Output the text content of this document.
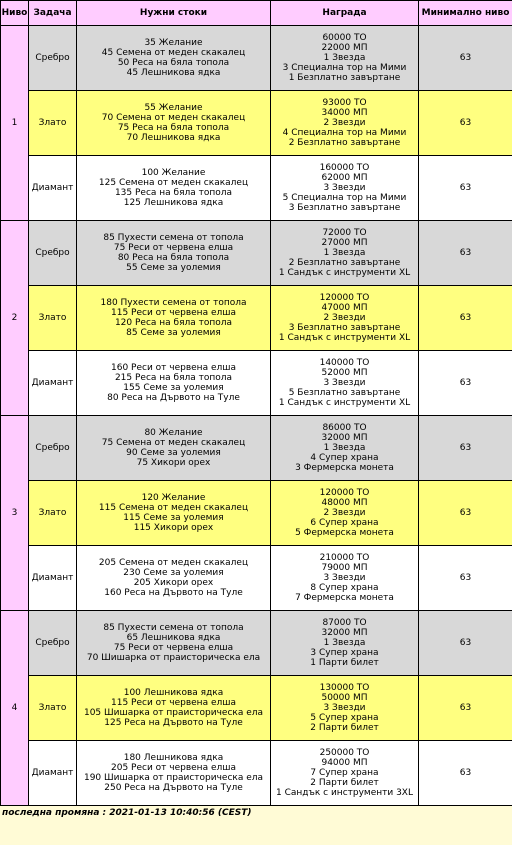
Ниво	Задача	Нужни стоки	Награда	Минимално ниво
1	Сребро	35 Желание
45 Семена от меден скакалец
50 Реса на бяла топола
45 Лешникова ядка	60000 ТО
22000 МП
1 Звезда
3 Специална тор на Мими
1 Безплатно завъртане	63
	Злато	55 Желание
70 Семена от меден скакалец
75 Реса на бяла топола
70 Лешникова ядка	93000 ТО
34000 МП
2 Звезди
4 Специална тор на Мими
2 Безплатно завъртане	63
	Диамант	100 Желание
125 Семена от меден скакалец
135 Реса на бяла топола
125 Лешникова ядка	160000 ТО
62000 МП
3 Звезди
5 Специална тор на Мими
3 Безплатно завъртане	63
2	Сребро	85 Пухести семена от топола
75 Реси от червена елша
80 Реса на бяла топола
55 Семе за уолемия	72000 ТО
27000 МП
1 Звезда
2 Безплатно завъртане
1 Сандък с инструменти XL	63
	Злато	180 Пухести семена от топола
115 Реси от червена елша
120 Реса на бяла топола
85 Семе за уолемия	120000 ТО
47000 МП
2 Звезди
3 Безплатно завъртане
1 Сандък с инструменти XL	63
	Диамант	160 Реси от червена елша
215 Реса на бяла топола
155 Семе за уолемия
80 Реса на Дървото на Туле	140000 ТО
52000 МП
3 Звезди
5 Безплатно завъртане
1 Сандък с инструменти XL	63
3	Сребро	80 Желание
75 Семена от меден скакалец
90 Семе за уолемия
75 Хикори орех	86000 ТО
32000 МП
1 Звезда
4 Супер храна
3 Фермерска монета	63
	Злато	120 Желание
115 Семена от меден скакалец
115 Семе за уолемия
115 Хикори орех	120000 ТО
48000 МП
2 Звезди
6 Супер храна
5 Фермерска монета	63
	Диамант	205 Семена от меден скакалец
230 Семе за уолемия
205 Хикори орех
160 Реса на Дървото на Туле	210000 ТО
79000 МП
3 Звезди
8 Супер храна
7 Фермерска монета	63
4	Сребро	85 Пухести семена от топола
65 Лешникова ядка
75 Реси от червена елша
70 Шишарка от праисторическа ела	87000 ТО
32000 МП
1 Звезда
3 Супер храна
1 Парти билет	63
	Злато	100 Лешникова ядка
115 Реси от червена елша
105 Шишарка от праисторическа ела
125 Реса на Дървото на Туле	130000 ТО
50000 МП
3 Звезди
5 Супер храна
2 Парти билет	63
	Диамант	180 Лешникова ядка
205 Реси от червена елша
190 Шишарка от праисторическа ела
250 Реса на Дървото на Туле	250000 ТО
94000 МП
7 Супер храна
2 Парти билет
1 Сандък с инструменти 3XL	63
последна промяна : 2021-01-13 10:40:56 (CEST)
